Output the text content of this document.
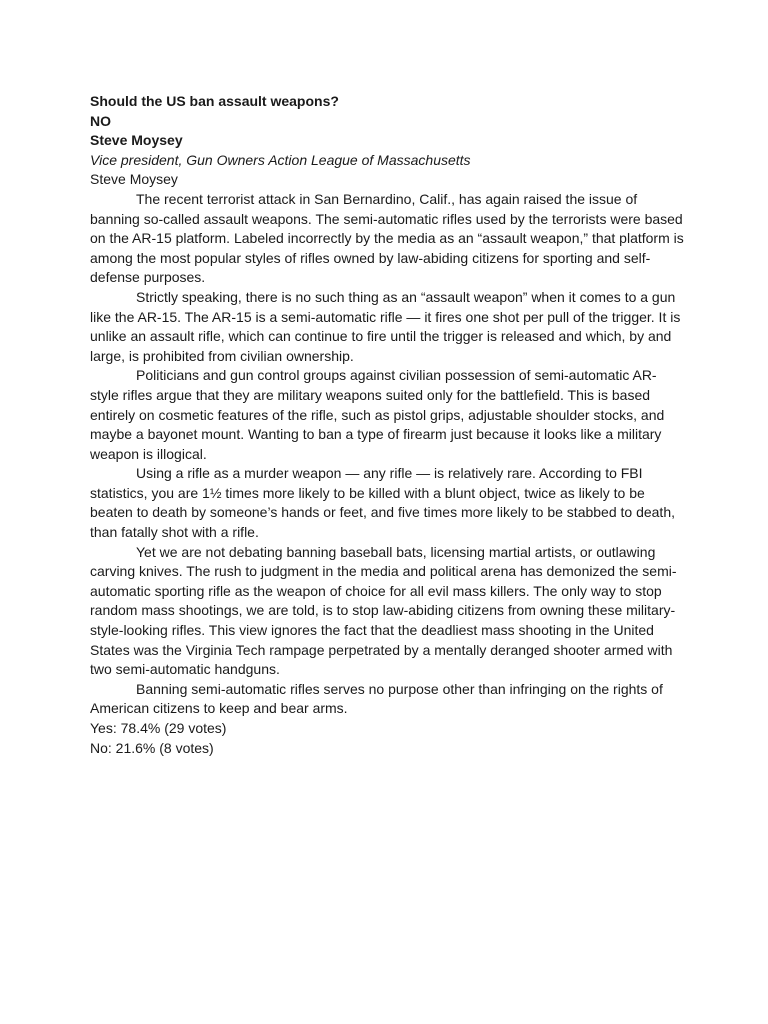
Should the US ban assault weapons?

NO

Steve Moysey

Vice president, Gun Owners Action League of Massachusetts

Steve Moysey

The recent terrorist attack in San Bernardino, Calif., has again raised the issue of banning so-called assault weapons. The semi-automatic rifles used by the terrorists were based on the AR-15 platform. Labeled incorrectly by the media as an “assault weapon,” that platform is among the most popular styles of rifles owned by law-abiding citizens for sporting and self-defense purposes.

Strictly speaking, there is no such thing as an “assault weapon” when it comes to a gun like the AR-15. The AR-15 is a semi-automatic rifle — it fires one shot per pull of the trigger. It is unlike an assault rifle, which can continue to fire until the trigger is released and which, by and large, is prohibited from civilian ownership.

Politicians and gun control groups against civilian possession of semi-automatic AR-style rifles argue that they are military weapons suited only for the battlefield. This is based entirely on cosmetic features of the rifle, such as pistol grips, adjustable shoulder stocks, and maybe a bayonet mount. Wanting to ban a type of firearm just because it looks like a military weapon is illogical.

Using a rifle as a murder weapon — any rifle — is relatively rare. According to FBI statistics, you are 1½ times more likely to be killed with a blunt object, twice as likely to be beaten to death by someone’s hands or feet, and five times more likely to be stabbed to death, than fatally shot with a rifle.

Yet we are not debating banning baseball bats, licensing martial artists, or outlawing carving knives. The rush to judgment in the media and political arena has demonized the semi-automatic sporting rifle as the weapon of choice for all evil mass killers. The only way to stop random mass shootings, we are told, is to stop law-abiding citizens from owning these military-style-looking rifles. This view ignores the fact that the deadliest mass shooting in the United States was the Virginia Tech rampage perpetrated by a mentally deranged shooter armed with two semi-automatic handguns.

Banning semi-automatic rifles serves no purpose other than infringing on the rights of American citizens to keep and bear arms.

Yes: 78.4% (29 votes)

No: 21.6% (8 votes)
